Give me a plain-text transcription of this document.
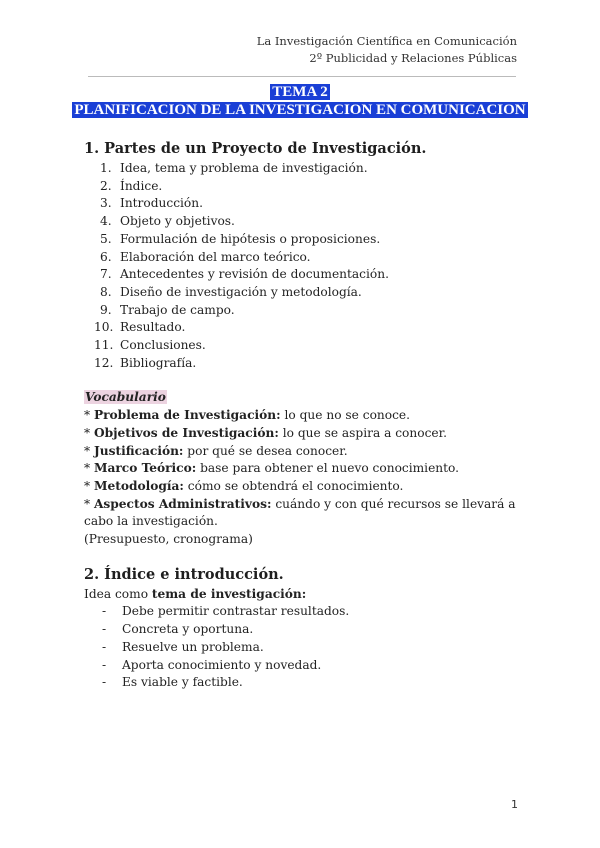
La Investigación Científica en Comunicación
2º Publicidad y Relaciones Públicas
TEMA 2
PLANIFICACION DE LA INVESTIGACION EN COMUNICACION
1. Partes de un Proyecto de Investigación.
1. Idea, tema y problema de investigación.
2. Índice.
3. Introducción.
4. Objeto y objetivos.
5. Formulación de hipótesis o proposiciones.
6. Elaboración del marco teórico.
7. Antecedentes y revisión de documentación.
8. Diseño de investigación y metodología.
9. Trabajo de campo.
10. Resultado.
11. Conclusiones.
12. Bibliografía.
Vocabulario
* Problema de Investigación: lo que no se conoce.
* Objetivos de Investigación: lo que se aspira a conocer.
* Justificación: por qué se desea conocer.
* Marco Teórico: base para obtener el nuevo conocimiento.
* Metodología: cómo se obtendrá el conocimiento.
* Aspectos Administrativos: cuándo y con qué recursos se llevará a cabo la investigación.
(Presupuesto, cronograma)
2. Índice e introducción.
Idea como tema de investigación:
- Debe permitir contrastar resultados.
- Concreta y oportuna.
- Resuelve un problema.
- Aporta conocimiento y novedad.
- Es viable y factible.
1
